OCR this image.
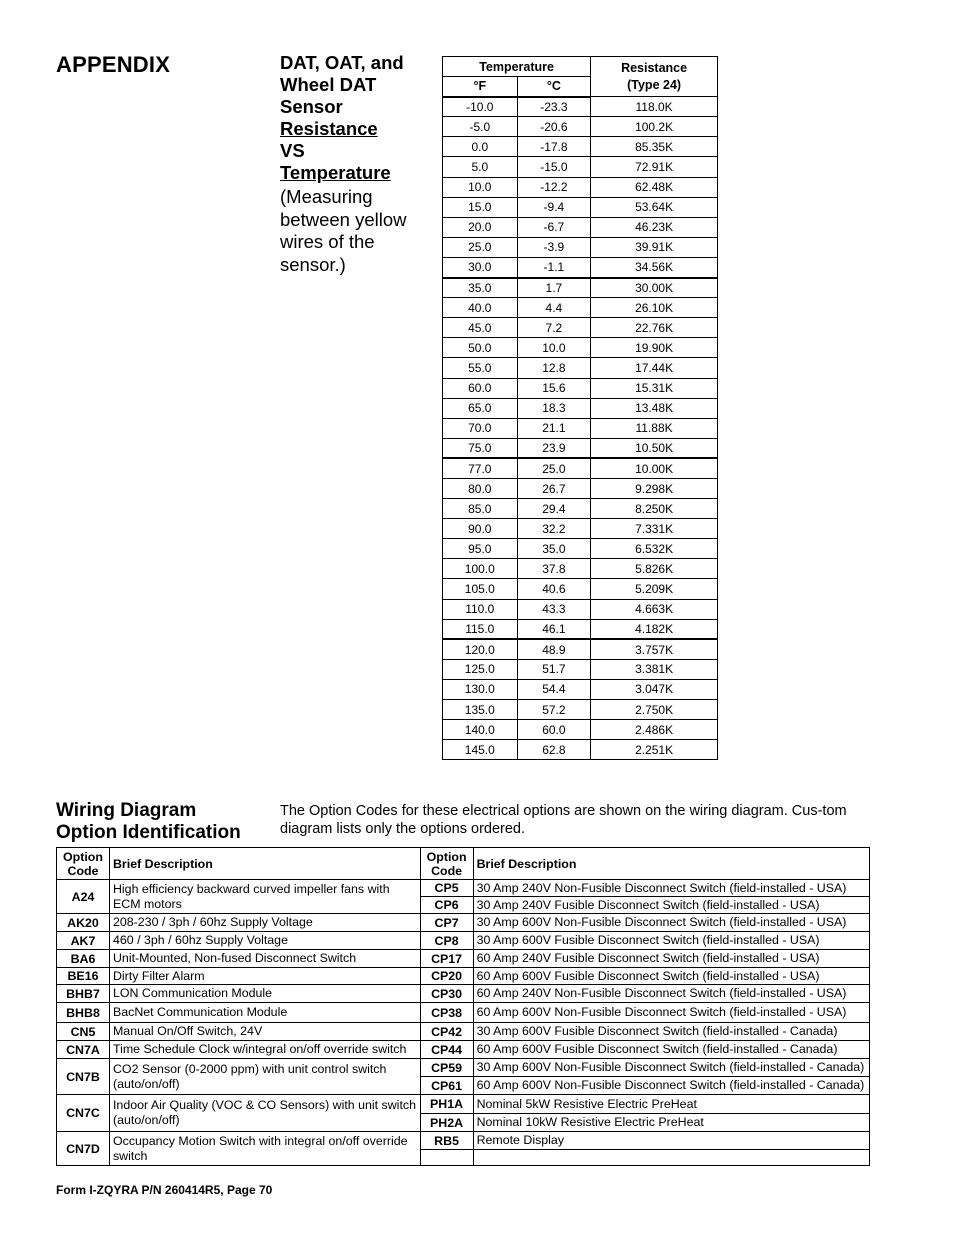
APPENDIX	DAT, OAT, and
Wheel DAT
Sensor
Resistance
VS
Temperature
(Measuring between yellow wires of the sensor.)
Temperature		Resistance (Type 24)
°F	°C	
-10.0	-23.3	118.0K
-5.0	-20.6	100.2K
0.0	-17.8	85.35K
5.0	-15.0	72.91K
10.0	-12.2	62.48K
15.0	-9.4	53.64K
20.0	-6.7	46.23K
25.0	-3.9	39.91K
30.0	-1.1	34.56K
35.0	1.7	30.00K
40.0	4.4	26.10K
45.0	7.2	22.76K
50.0	10.0	19.90K
55.0	12.8	17.44K
60.0	15.6	15.31K
65.0	18.3	13.48K
70.0	21.1	11.88K
75.0	23.9	10.50K
77.0	25.0	10.00K
80.0	26.7	9.298K
85.0	29.4	8.250K
90.0	32.2	7.331K
95.0	35.0	6.532K
100.0	37.8	5.826K
105.0	40.6	5.209K
110.0	43.3	4.663K
115.0	46.1	4.182K
120.0	48.9	3.757K
125.0	51.7	3.381K
130.0	54.4	3.047K
135.0	57.2	2.750K
140.0	60.0	2.486K
145.0	62.8	2.251K
Wiring Diagram
Option Identification
The Option Codes for these electrical options are shown on the wiring diagram. Cus-tom diagram lists only the options ordered.
Option Code	Brief Description	Option Code	Brief Description
A24	High efficiency backward curved impeller fans with ECM motors	CP5	30 Amp 240V Non-Fusible Disconnect Switch (field-installed - USA)
		CP6	30 Amp 240V Fusible Disconnect Switch (field-installed - USA)
AK20	208-230 / 3ph / 60hz Supply Voltage	CP7	30 Amp 600V Non-Fusible Disconnect Switch (field-installed - USA)
AK7	460 / 3ph / 60hz Supply Voltage	CP8	30 Amp 600V Fusible Disconnect Switch (field-installed - USA)
BA6	Unit-Mounted, Non-fused Disconnect Switch	CP17	60 Amp 240V Fusible Disconnect Switch (field-installed - USA)
BE16	Dirty Filter Alarm	CP20	60 Amp 600V Fusible Disconnect Switch (field-installed - USA)
BHB7	LON Communication Module	CP30	60 Amp 240V Non-Fusible Disconnect Switch (field-installed - USA)
BHB8	BacNet Communication Module	CP38	60 Amp 600V Non-Fusible Disconnect Switch (field-installed - USA)
CN5	Manual On/Off Switch, 24V	CP42	30 Amp 600V Fusible Disconnect Switch (field-installed - Canada)
CN7A	Time Schedule Clock w/integral on/off override switch	CP44	60 Amp 600V Fusible Disconnect Switch (field-installed - Canada)
CN7B	CO2 Sensor (0-2000 ppm) with unit control switch (auto/on/off)	CP59	30 Amp 600V Non-Fusible Disconnect Switch (field-installed - Canada)
		CP61	60 Amp 600V Non-Fusible Disconnect Switch (field-installed - Canada)
CN7C	Indoor Air Quality (VOC & CO Sensors) with unit switch (auto/on/off)	PH1A	Nominal 5kW Resistive Electric PreHeat
		PH2A	Nominal 10kW Resistive Electric PreHeat
CN7D	Occupancy Motion Switch with integral on/off override switch	RB5	Remote Display

Form I-ZQYRA P/N 260414R5, Page 70
